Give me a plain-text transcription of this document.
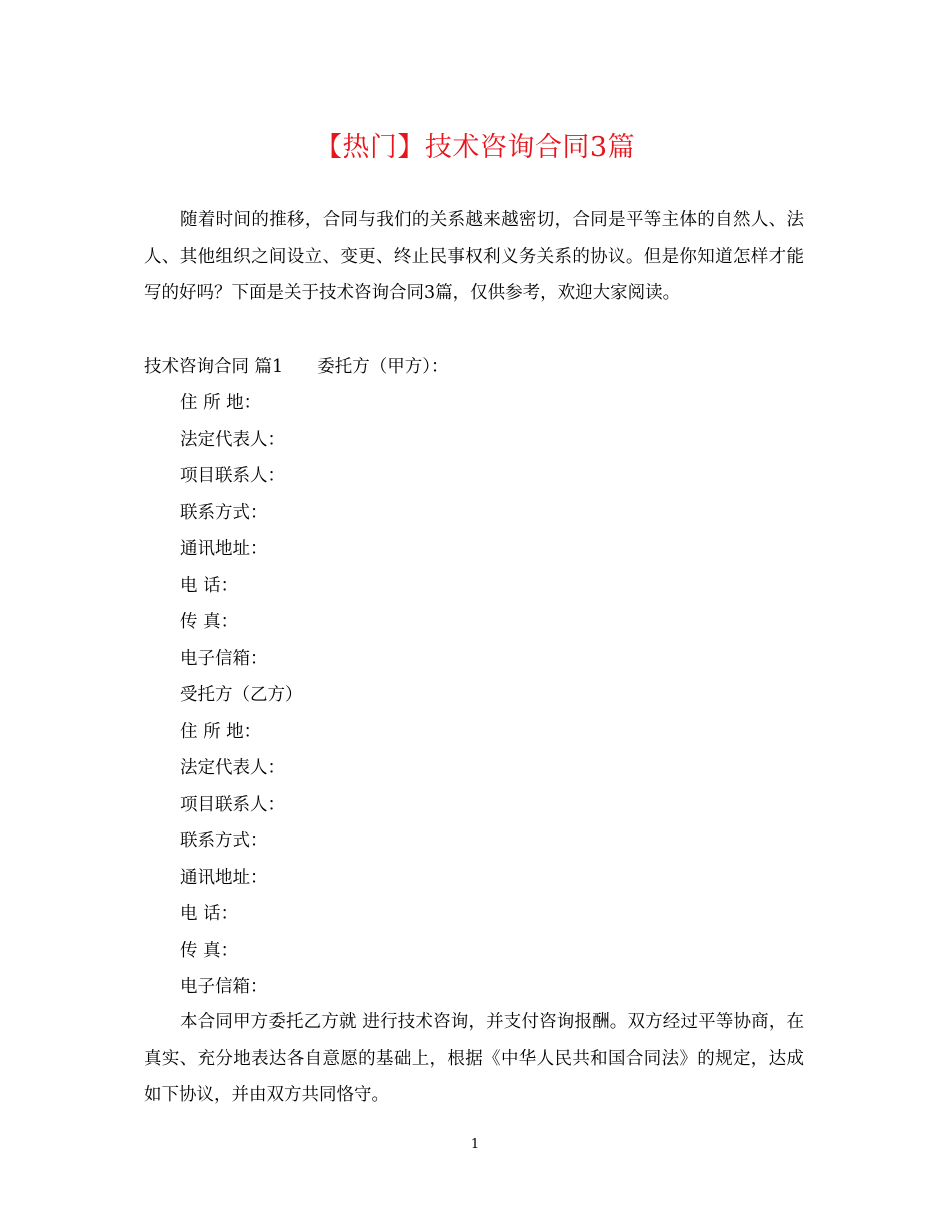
【热门】技术咨询合同3篇

随着时间的推移，合同与我们的关系越来越密切，合同是平等主体的自然人、法人、其他组织之间设立、变更、终止民事权利义务关系的协议。但是你知道怎样才能写的好吗？下面是关于技术咨询合同3篇，仅供参考，欢迎大家阅读。

技术咨询合同 篇1 委托方（甲方）：
住 所 地：
法定代表人：
项目联系人：
联系方式：
通讯地址：
电 话：
传 真：
电子信箱：
受托方（乙方）
住 所 地：
法定代表人：
项目联系人：
联系方式：
通讯地址：
电 话：
传 真：
电子信箱：

本合同甲方委托乙方就 进行技术咨询，并支付咨询报酬。双方经过平等协商，在真实、充分地表达各自意愿的基础上，根据《中华人民共和国合同法》的规定，达成如下协议，并由双方共同恪守。

1
